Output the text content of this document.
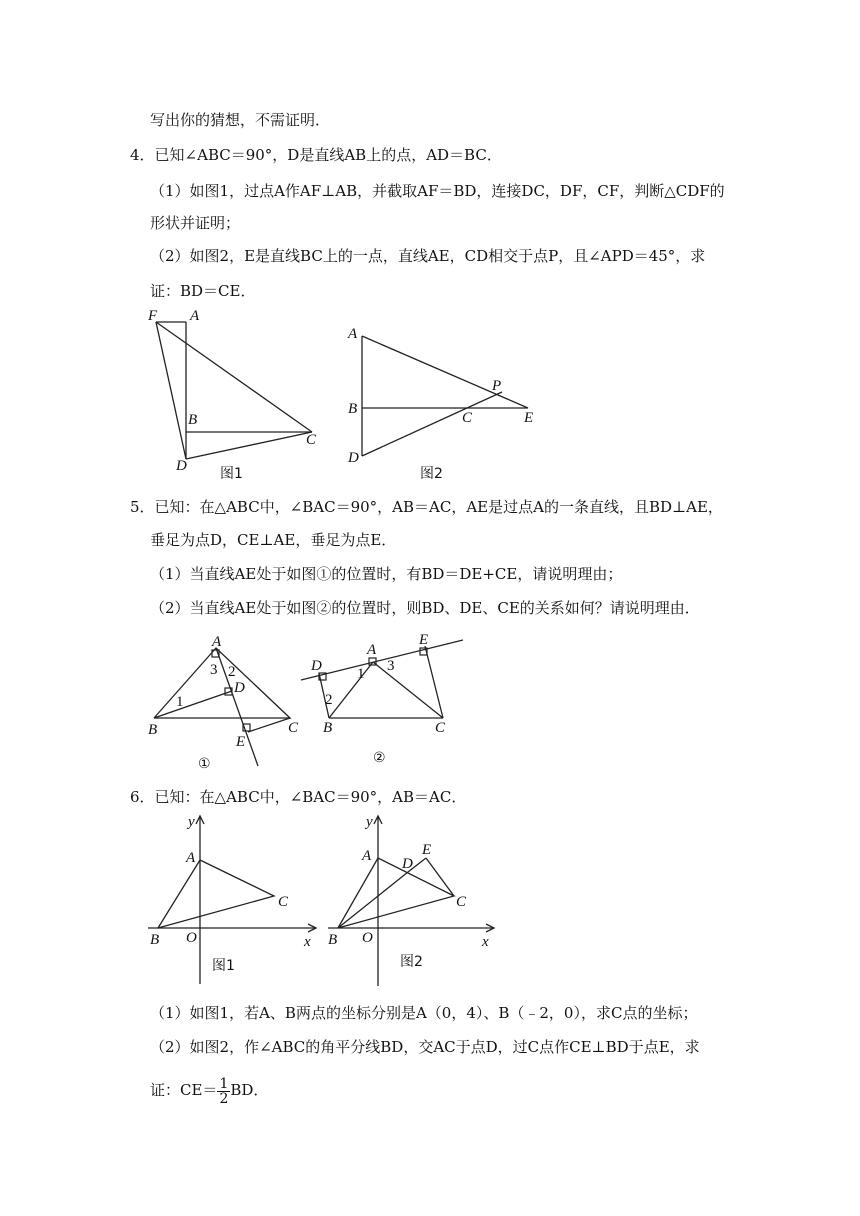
写出你的猜想，不需证明．
4．已知∠ABC＝90°，D是直线AB上的点，AD＝BC．
（1）如图1，过点A作AF⊥AB，并截取AF＝BD，连接DC，DF，CF，判断△CDF的
形状并证明；
（2）如图2，E是直线BC上的一点，直线AE，CD相交于点P，且∠APD＝45°，求
证：BD＝CE．
F A
B
C
D 图1
A
B
C
P
E
D
图2
5．已知：在△ABC中，∠BAC＝90°，AB＝AC，AE是过点A的一条直线，且BD⊥AE，
垂足为点D，CE⊥AE，垂足为点E．
（1）当直线AE处于如图①的位置时，有BD＝DE+CE，请说明理由；
（2）当直线AE处于如图②的位置时，则BD、DE、CE的关系如何？请说明理由．
A
B	C
D
E
1
2
3
①
A
B	C
D
E
1
2
3
②
6．已知：在△ABC中，∠BAC＝90°，AB＝AC．
y
x
A
B
C
O
图1
y
x
A
B
C
D
E
O
图2
（1）如图1，若A、B两点的坐标分别是A（0，4）、B（﹣2，0），求C点的坐标；
（2）如图2，作∠ABC的角平分线BD，交AC于点D，过C点作CE⊥BD于点E，求
证：$CE= \frac{1}{2}$ BD．
